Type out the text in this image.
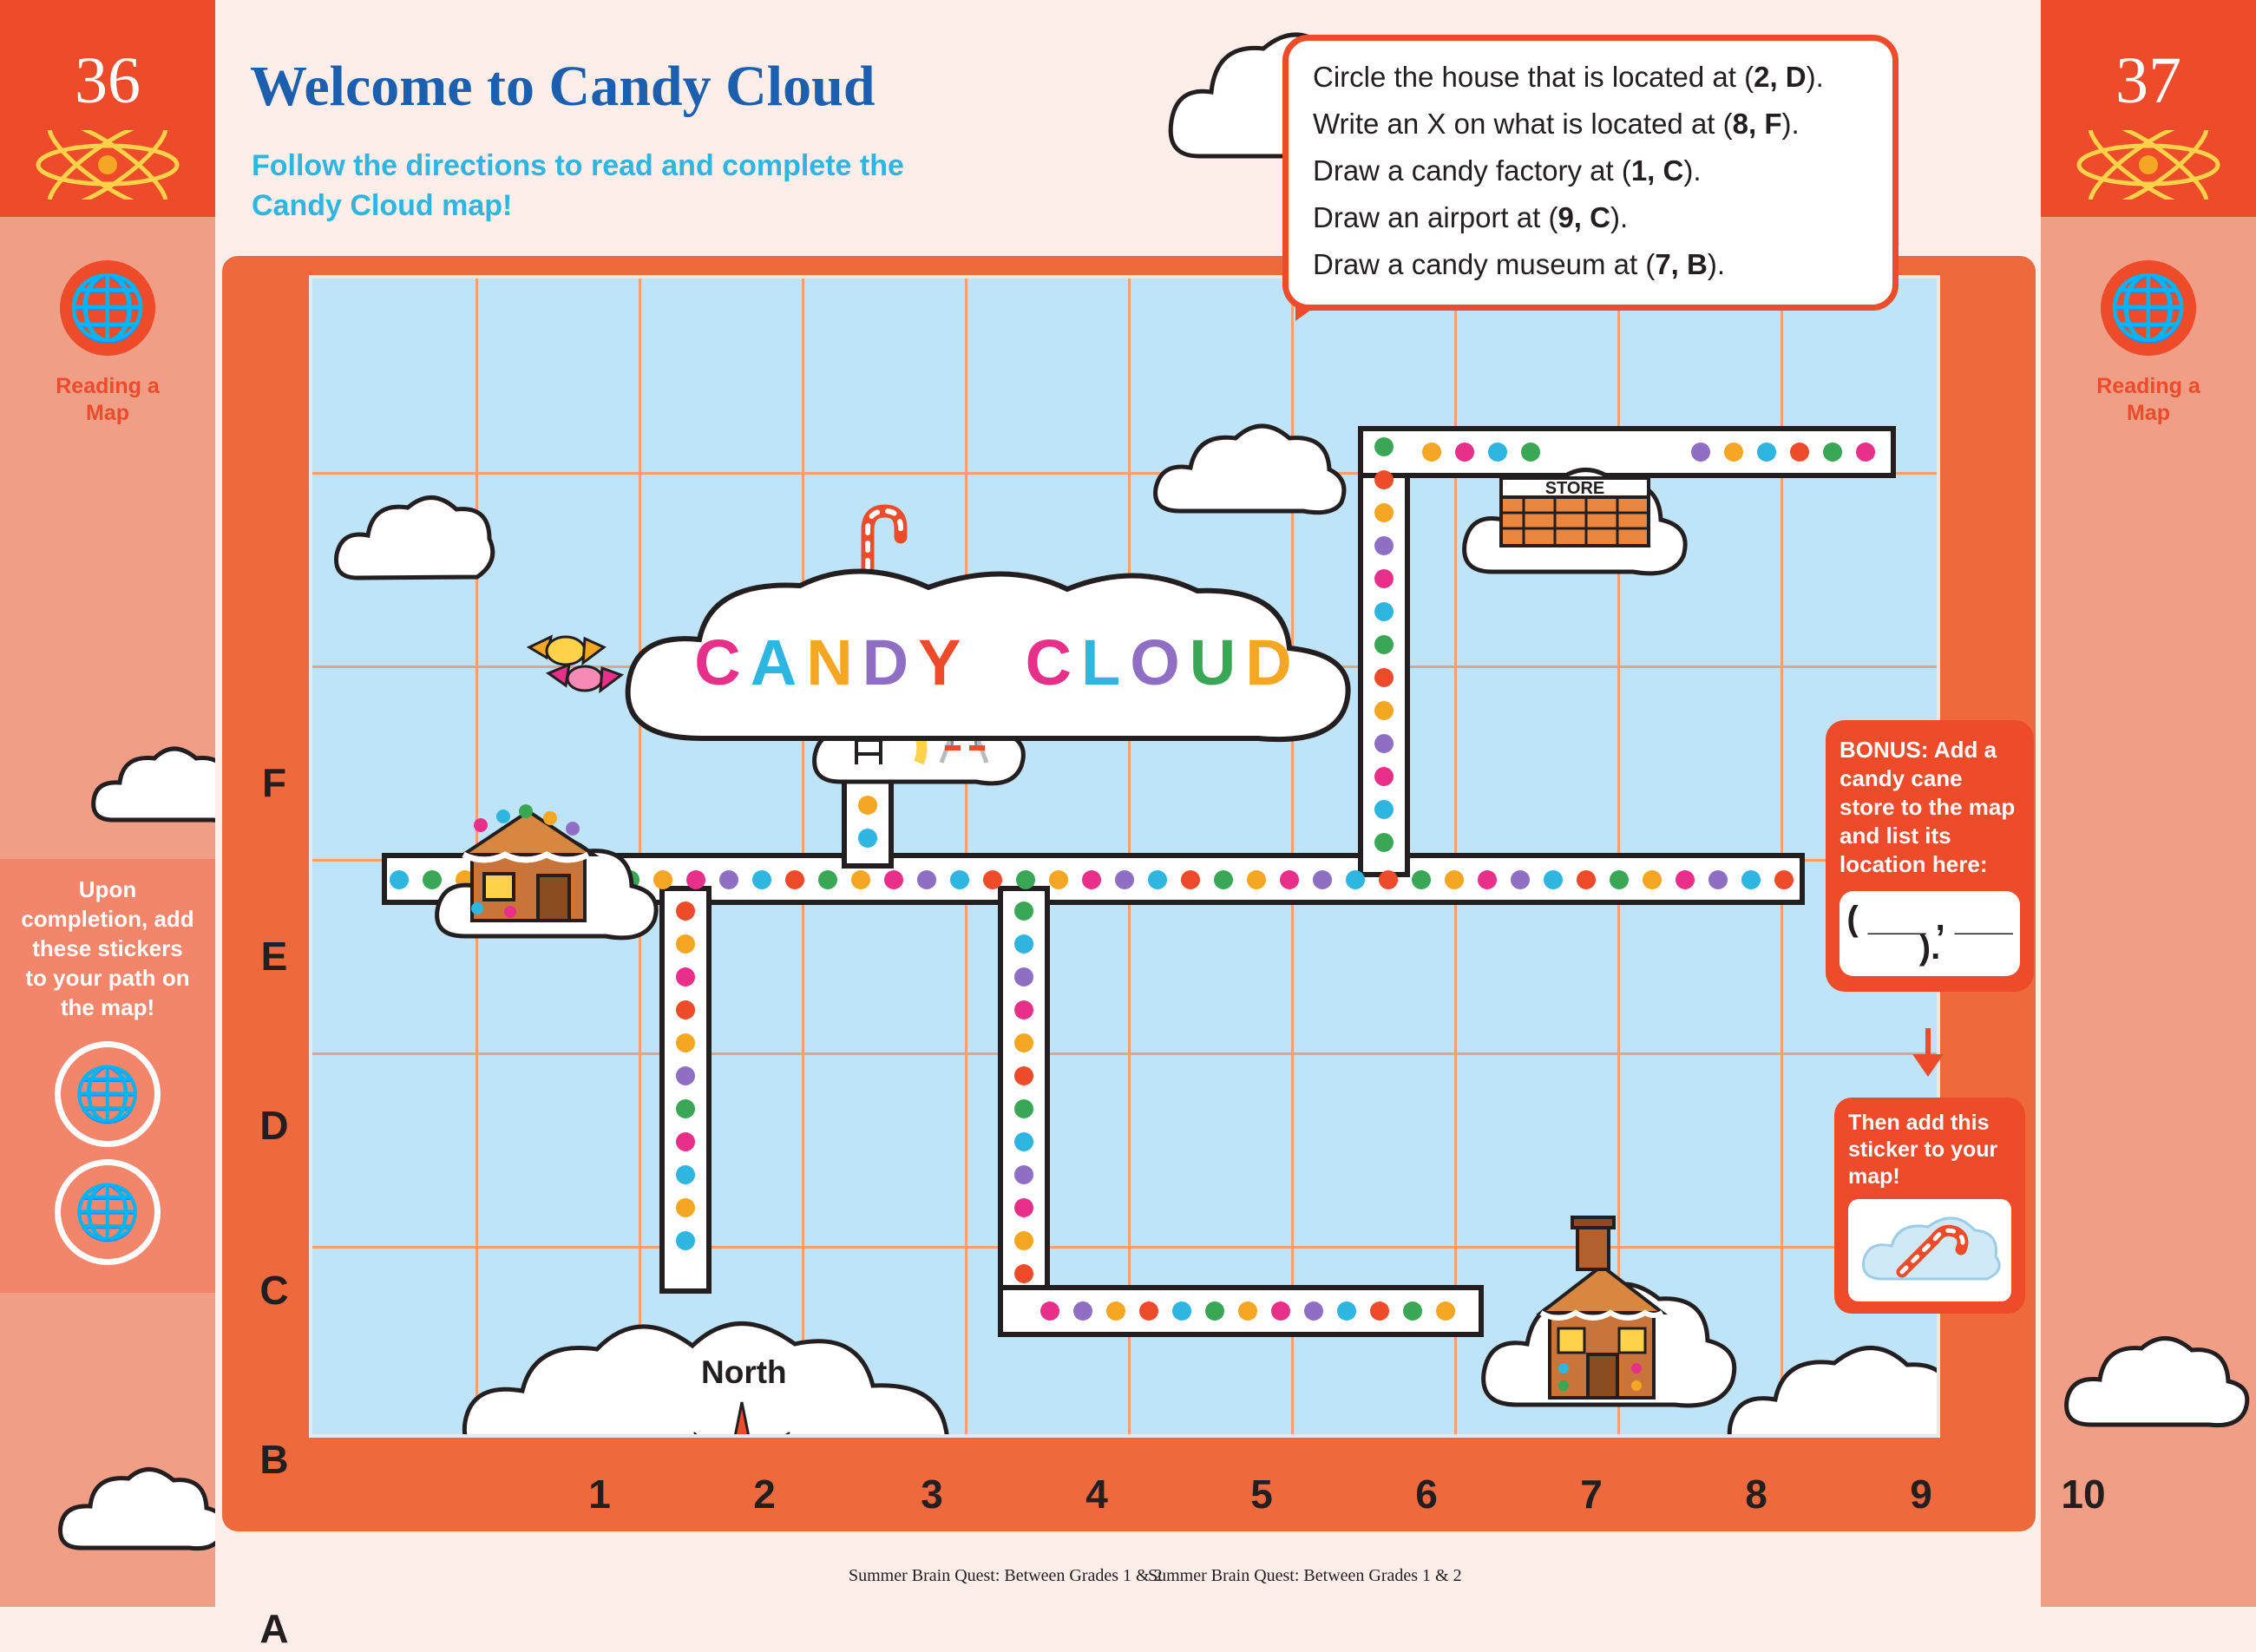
36
🌐
Reading a
Map
Upon completion, add these stickers to your path on the map!
🌐
🌐
37
🌐
Reading a
Map
Welcome to Candy Cloud
Follow the directions to read and complete the Candy Cloud map!

Circle the house that is located at (2, D).

Write an X on what is located at (8, F).

Draw a candy factory at (1, C).

Draw an airport at (9, C).

Draw a candy museum at (7, B).

F
E
D
C
B
A
1	2	3	4	5	6	7	8	9	10
CANDY CLOUD
STORE
North
BONUS: Add a candy cane store to the map and list its location here:
( ___ , ___ ).
Then add this sticker to your map!
Summer Brain Quest: Between Grades 1 & 2
Summer Brain Quest: Between Grades 1 & 2
